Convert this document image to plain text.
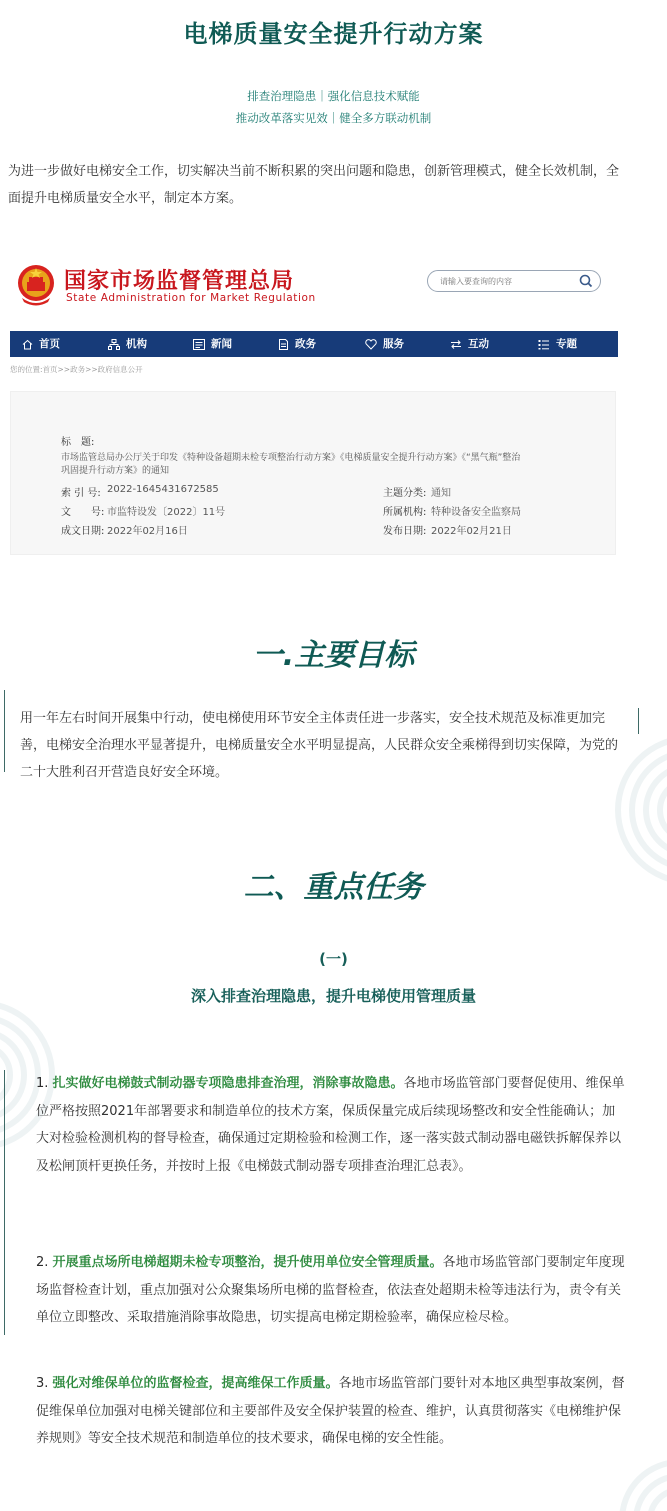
电梯质量安全提升行动方案
排查治理隐患｜强化信息技术赋能
推动改革落实见效｜健全多方联动机制
为进一步做好电梯安全工作，切实解决当前不断积累的突出问题和隐患，创新管理模式，健全长效机制，全面提升电梯质量安全水平，制定本方案。
国家市场监督管理总局
State Administration for Market Regulation
请输入要查询的内容
首页	机构	新闻	政务	服务	互动	专题
您的位置:首页>>政务>>政府信息公开
标　题:
市场监管总局办公厅关于印发《特种设备超期未检专项整治行动方案》《电梯质量安全提升行动方案》《“黑气瓶”整治
巩固提升行动方案》的通知
索 引 号: 2022-1645431672585	主题分类: 通知
文　　号: 市监特设发〔2022〕11号	所属机构: 特种设备安全监察局
成文日期: 2022年02月16日	发布日期: 2022年02月21日
一.主要目标
用一年左右时间开展集中行动，使电梯使用环节安全主体责任进一步落实，安全技术规范及标准更加完善，电梯安全治理水平显著提升，电梯质量安全水平明显提高，人民群众安全乘梯得到切实保障，为党的二十大胜利召开营造良好安全环境。
二、重点任务
(一)
深入排查治理隐患，提升电梯使用管理质量

1. 扎实做好电梯鼓式制动器专项隐患排查治理，消除事故隐患。各地市场监管部门要督促使用、维保单位严格按照2021年部署要求和制造单位的技术方案，保质保量完成后续现场整改和安全性能确认；加大对检验检测机构的督导检查，确保通过定期检验和检测工作，逐一落实鼓式制动器电磁铁拆解保养以及松闸顶杆更换任务，并按时上报《电梯鼓式制动器专项排查治理汇总表》。

2. 开展重点场所电梯超期未检专项整治，提升使用单位安全管理质量。各地市场监管部门要制定年度现场监督检查计划，重点加强对公众聚集场所电梯的监督检查，依法查处超期未检等违法行为，责令有关单位立即整改、采取措施消除事故隐患，切实提高电梯定期检验率，确保应检尽检。

3. 强化对维保单位的监督检查，提高维保工作质量。各地市场监管部门要针对本地区典型事故案例，督促维保单位加强对电梯关键部位和主要部件及安全保护装置的检查、维护，认真贯彻落实《电梯维护保养规则》等安全技术规范和制造单位的技术要求，确保电梯的安全性能。
